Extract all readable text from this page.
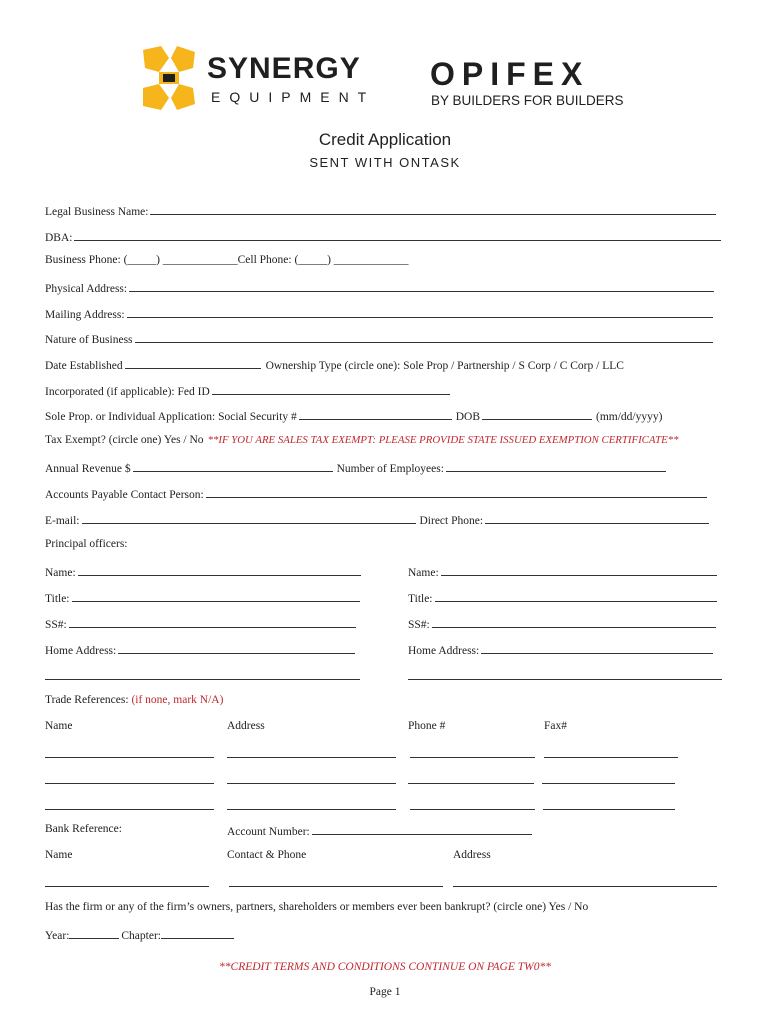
SYNERGY
EQUIPMENT
OPIFEX
BY BUILDERS FOR BUILDERS
Credit Application
SENT WITH ONTASK
Legal Business Name:
DBA:
Business Phone: (_____) _____________ Cell Phone: (_____) _____________
Physical Address:
Mailing Address:
Nature of Business
Date Established	Ownership Type (circle one): Sole Prop / Partnership / S Corp / C Corp / LLC
Incorporated (if applicable): Fed ID
Sole Prop. or Individual Application: Social Security #	DOB	(mm/dd/yyyy)
Tax Exempt? (circle one) Yes / No **IF YOU ARE SALES TAX EXEMPT: PLEASE PROVIDE STATE ISSUED EXEMPTION CERTIFICATE**
Annual Revenue $	Number of Employees:
Accounts Payable Contact Person:
E-mail:	Direct Phone:
Principal officers:
Name:
Title:
SS#:
Home Address:
Name:
Title:
SS#:
Home Address:
Trade References: (if none, mark N/A)
Name	Address	Phone #	Fax#
Bank Reference:	Account Number:
Name	Contact & Phone	Address
Has the firm or any of the firm’s owners, partners, shareholders or members ever been bankrupt? (circle one) Yes / No
Year:	Chapter:
**CREDIT TERMS AND CONDITIONS CONTINUE ON PAGE TW0**
Page 1
